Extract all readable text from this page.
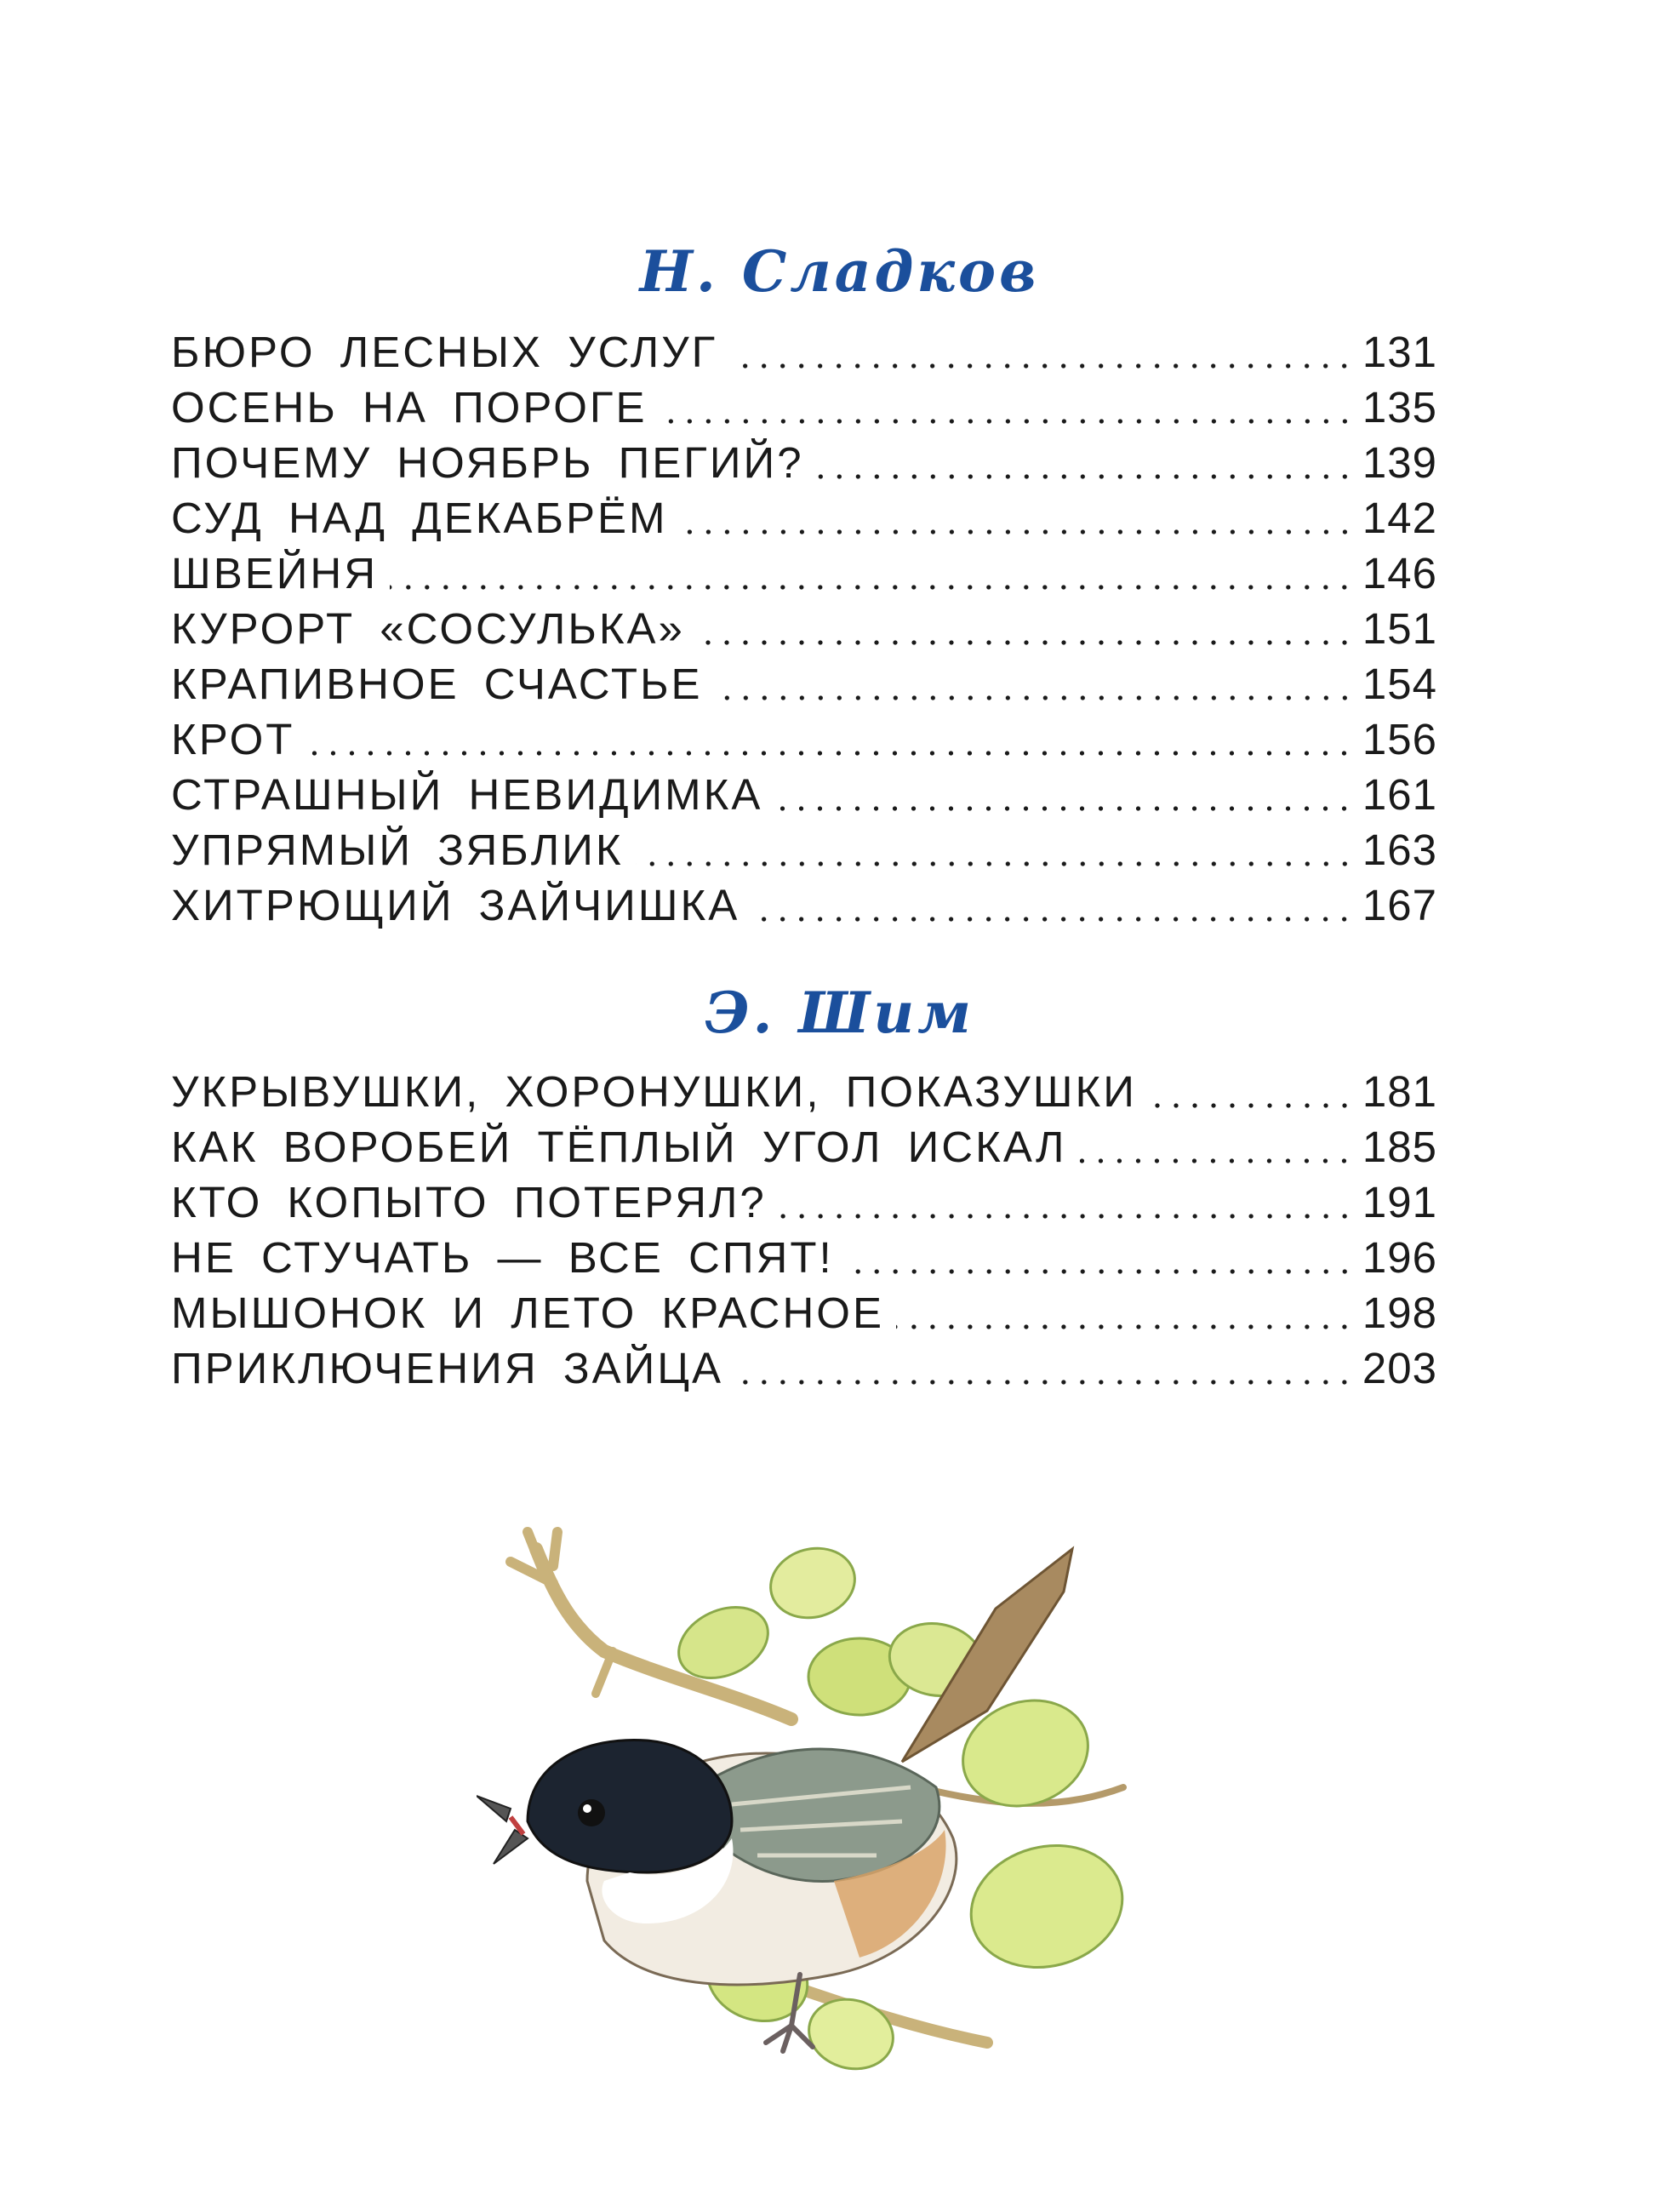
Н. Сладков
БЮРО ЛЕСНЫХ УСЛУГ	131
ОСЕНЬ НА ПОРОГЕ	135
ПОЧЕМУ НОЯБРЬ ПЕГИЙ?	139
СУД НАД ДЕКАБРЁМ	142
ШВЕЙНЯ	146
КУРОРТ «СОСУЛЬКА»	151
КРАПИВНОЕ СЧАСТЬЕ	154
КРОТ	156
СТРАШНЫЙ НЕВИДИМКА	161
УПРЯМЫЙ ЗЯБЛИК	163
ХИТРЮЩИЙ ЗАЙЧИШКА	167
Э. Шим
УКРЫВУШКИ, ХОРОНУШКИ, ПОКАЗУШКИ	181
КАК ВОРОБЕЙ ТЁПЛЫЙ УГОЛ ИСКАЛ	185
КТО КОПЫТО ПОТЕРЯЛ?	191
НЕ СТУЧАТЬ — ВСЕ СПЯТ!	196
МЫШОНОК И ЛЕТО КРАСНОЕ	198
ПРИКЛЮЧЕНИЯ ЗАЙЦА	203
